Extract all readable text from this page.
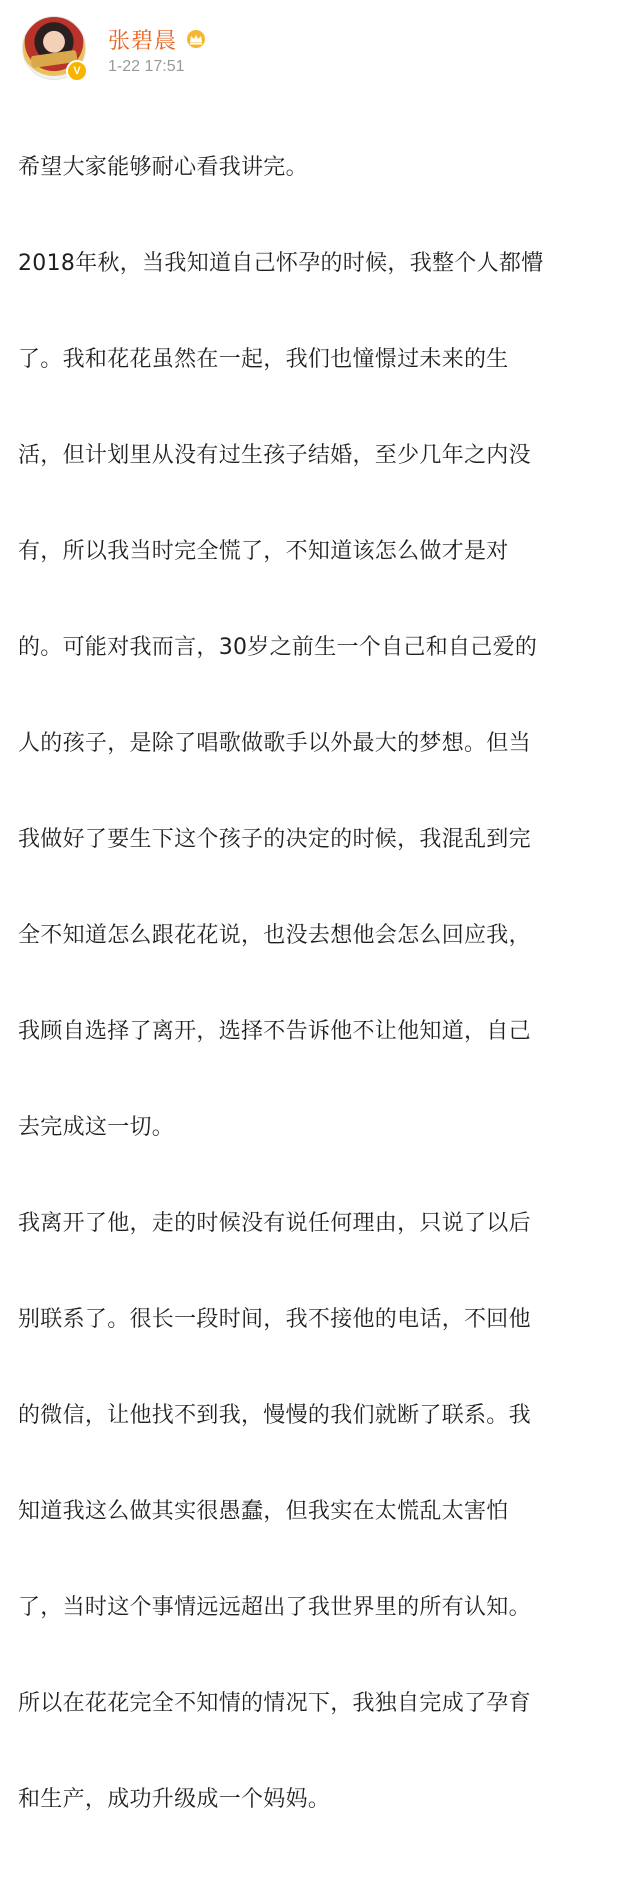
V
张碧晨
1-22 17:51

希望大家能够耐心看我讲完。

2018年秋，当我知道自己怀孕的时候，我整个人都懵

了。我和花花虽然在一起，我们也憧憬过未来的生

活，但计划里从没有过生孩子结婚，至少几年之内没

有，所以我当时完全慌了，不知道该怎么做才是对

的。可能对我而言，30岁之前生一个自己和自己爱的

人的孩子，是除了唱歌做歌手以外最大的梦想。但当

我做好了要生下这个孩子的决定的时候，我混乱到完

全不知道怎么跟花花说，也没去想他会怎么回应我，

我顾自选择了离开，选择不告诉他不让他知道，自己

去完成这一切。

我离开了他，走的时候没有说任何理由，只说了以后

别联系了。很长一段时间，我不接他的电话，不回他

的微信，让他找不到我，慢慢的我们就断了联系。我

知道我这么做其实很愚蠢，但我实在太慌乱太害怕

了，当时这个事情远远超出了我世界里的所有认知。

所以在花花完全不知情的情况下，我独自完成了孕育

和生产，成功升级成一个妈妈。
